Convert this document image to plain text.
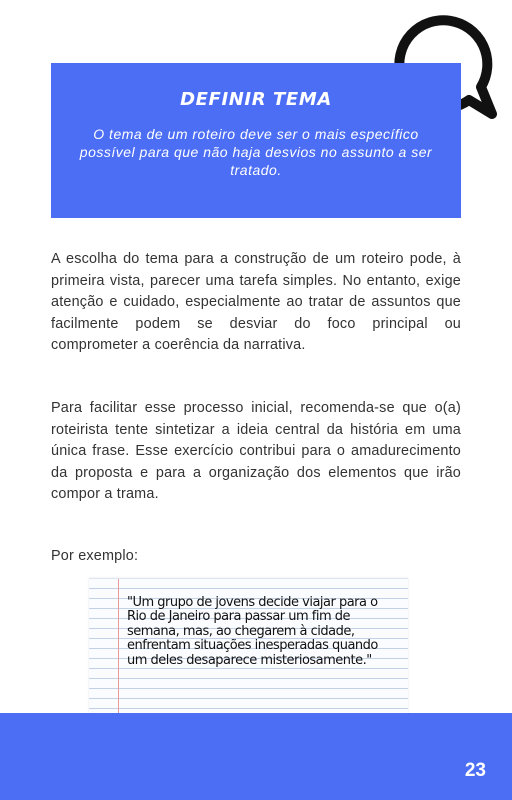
DEFINIR TEMA
O tema de um roteiro deve ser o mais específico possível para que não haja desvios no assunto a ser tratado.

A escolha do tema para a construção de um roteiro pode, à primeira vista, parecer uma tarefa simples. No entanto, exige atenção e cuidado, especialmente ao tratar de assuntos que facilmente podem se desviar do foco principal ou comprometer a coerência da narrativa.

Para facilitar esse processo inicial, recomenda-se que o(a) roteirista tente sintetizar a ideia central da história em uma única frase. Esse exercício contribui para o amadurecimento da proposta e para a organização dos elementos que irão compor a trama.

Por exemplo:

"Um grupo de jovens decide viajar para o Rio de Janeiro para passar um fim de semana, mas, ao chegarem à cidade, enfrentam situações inesperadas quando um deles desaparece misteriosamente."

23
